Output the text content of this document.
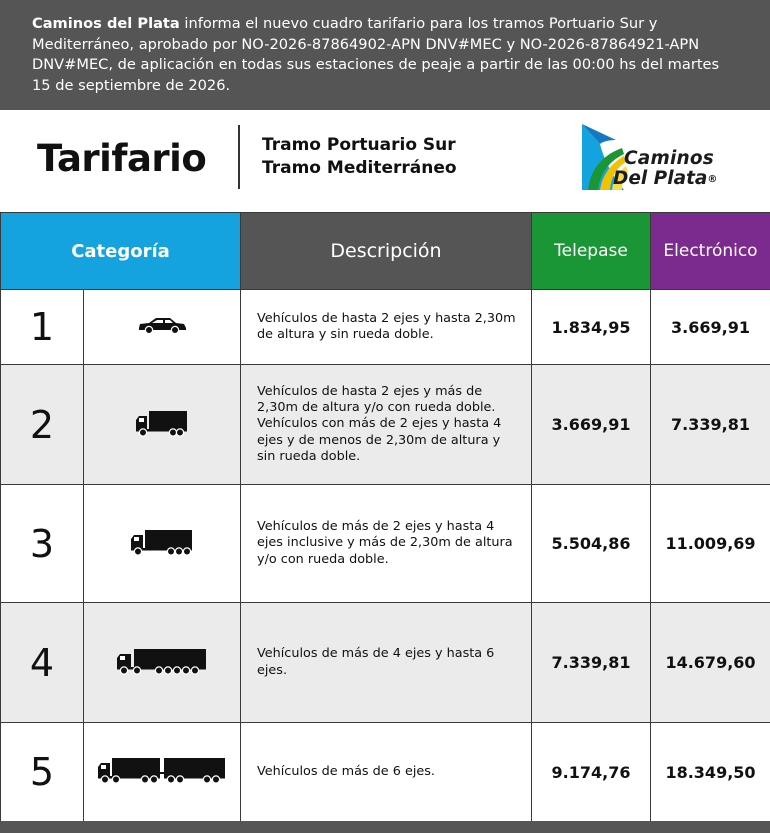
Caminos del Plata informa el nuevo cuadro tarifario para los tramos Portuario Sur y Mediterráneo, aprobado por NO-2026-87864902-APN DNV#MEC y NO-2026-87864921-APN DNV#MEC, de aplicación en todas sus estaciones de peaje a partir de las 00:00 hs del martes 15 de septiembre de 2026.
Tarifario	Tramo Portuario Sur
Tramo Mediterráneo	Caminos
Del Plata®
Categoría		Descripción	Telepase	Electrónico
1		Vehículos de hasta 2 ejes y hasta 2,30m de altura y sin rueda doble.	1.834,95	3.669,91
2		Vehículos de hasta 2 ejes y más de 2,30m de altura y/o con rueda doble. Vehículos con más de 2 ejes y hasta 4 ejes y de menos de 2,30m de altura y sin rueda doble.	3.669,91	7.339,81
3		Vehículos de más de 2 ejes y hasta 4 ejes inclusive y más de 2,30m de altura y/o con rueda doble.	5.504,86	11.009,69
4		Vehículos de más de 4 ejes y hasta 6 ejes.	7.339,81	14.679,60
5		Vehículos de más de 6 ejes.	9.174,76	18.349,50
